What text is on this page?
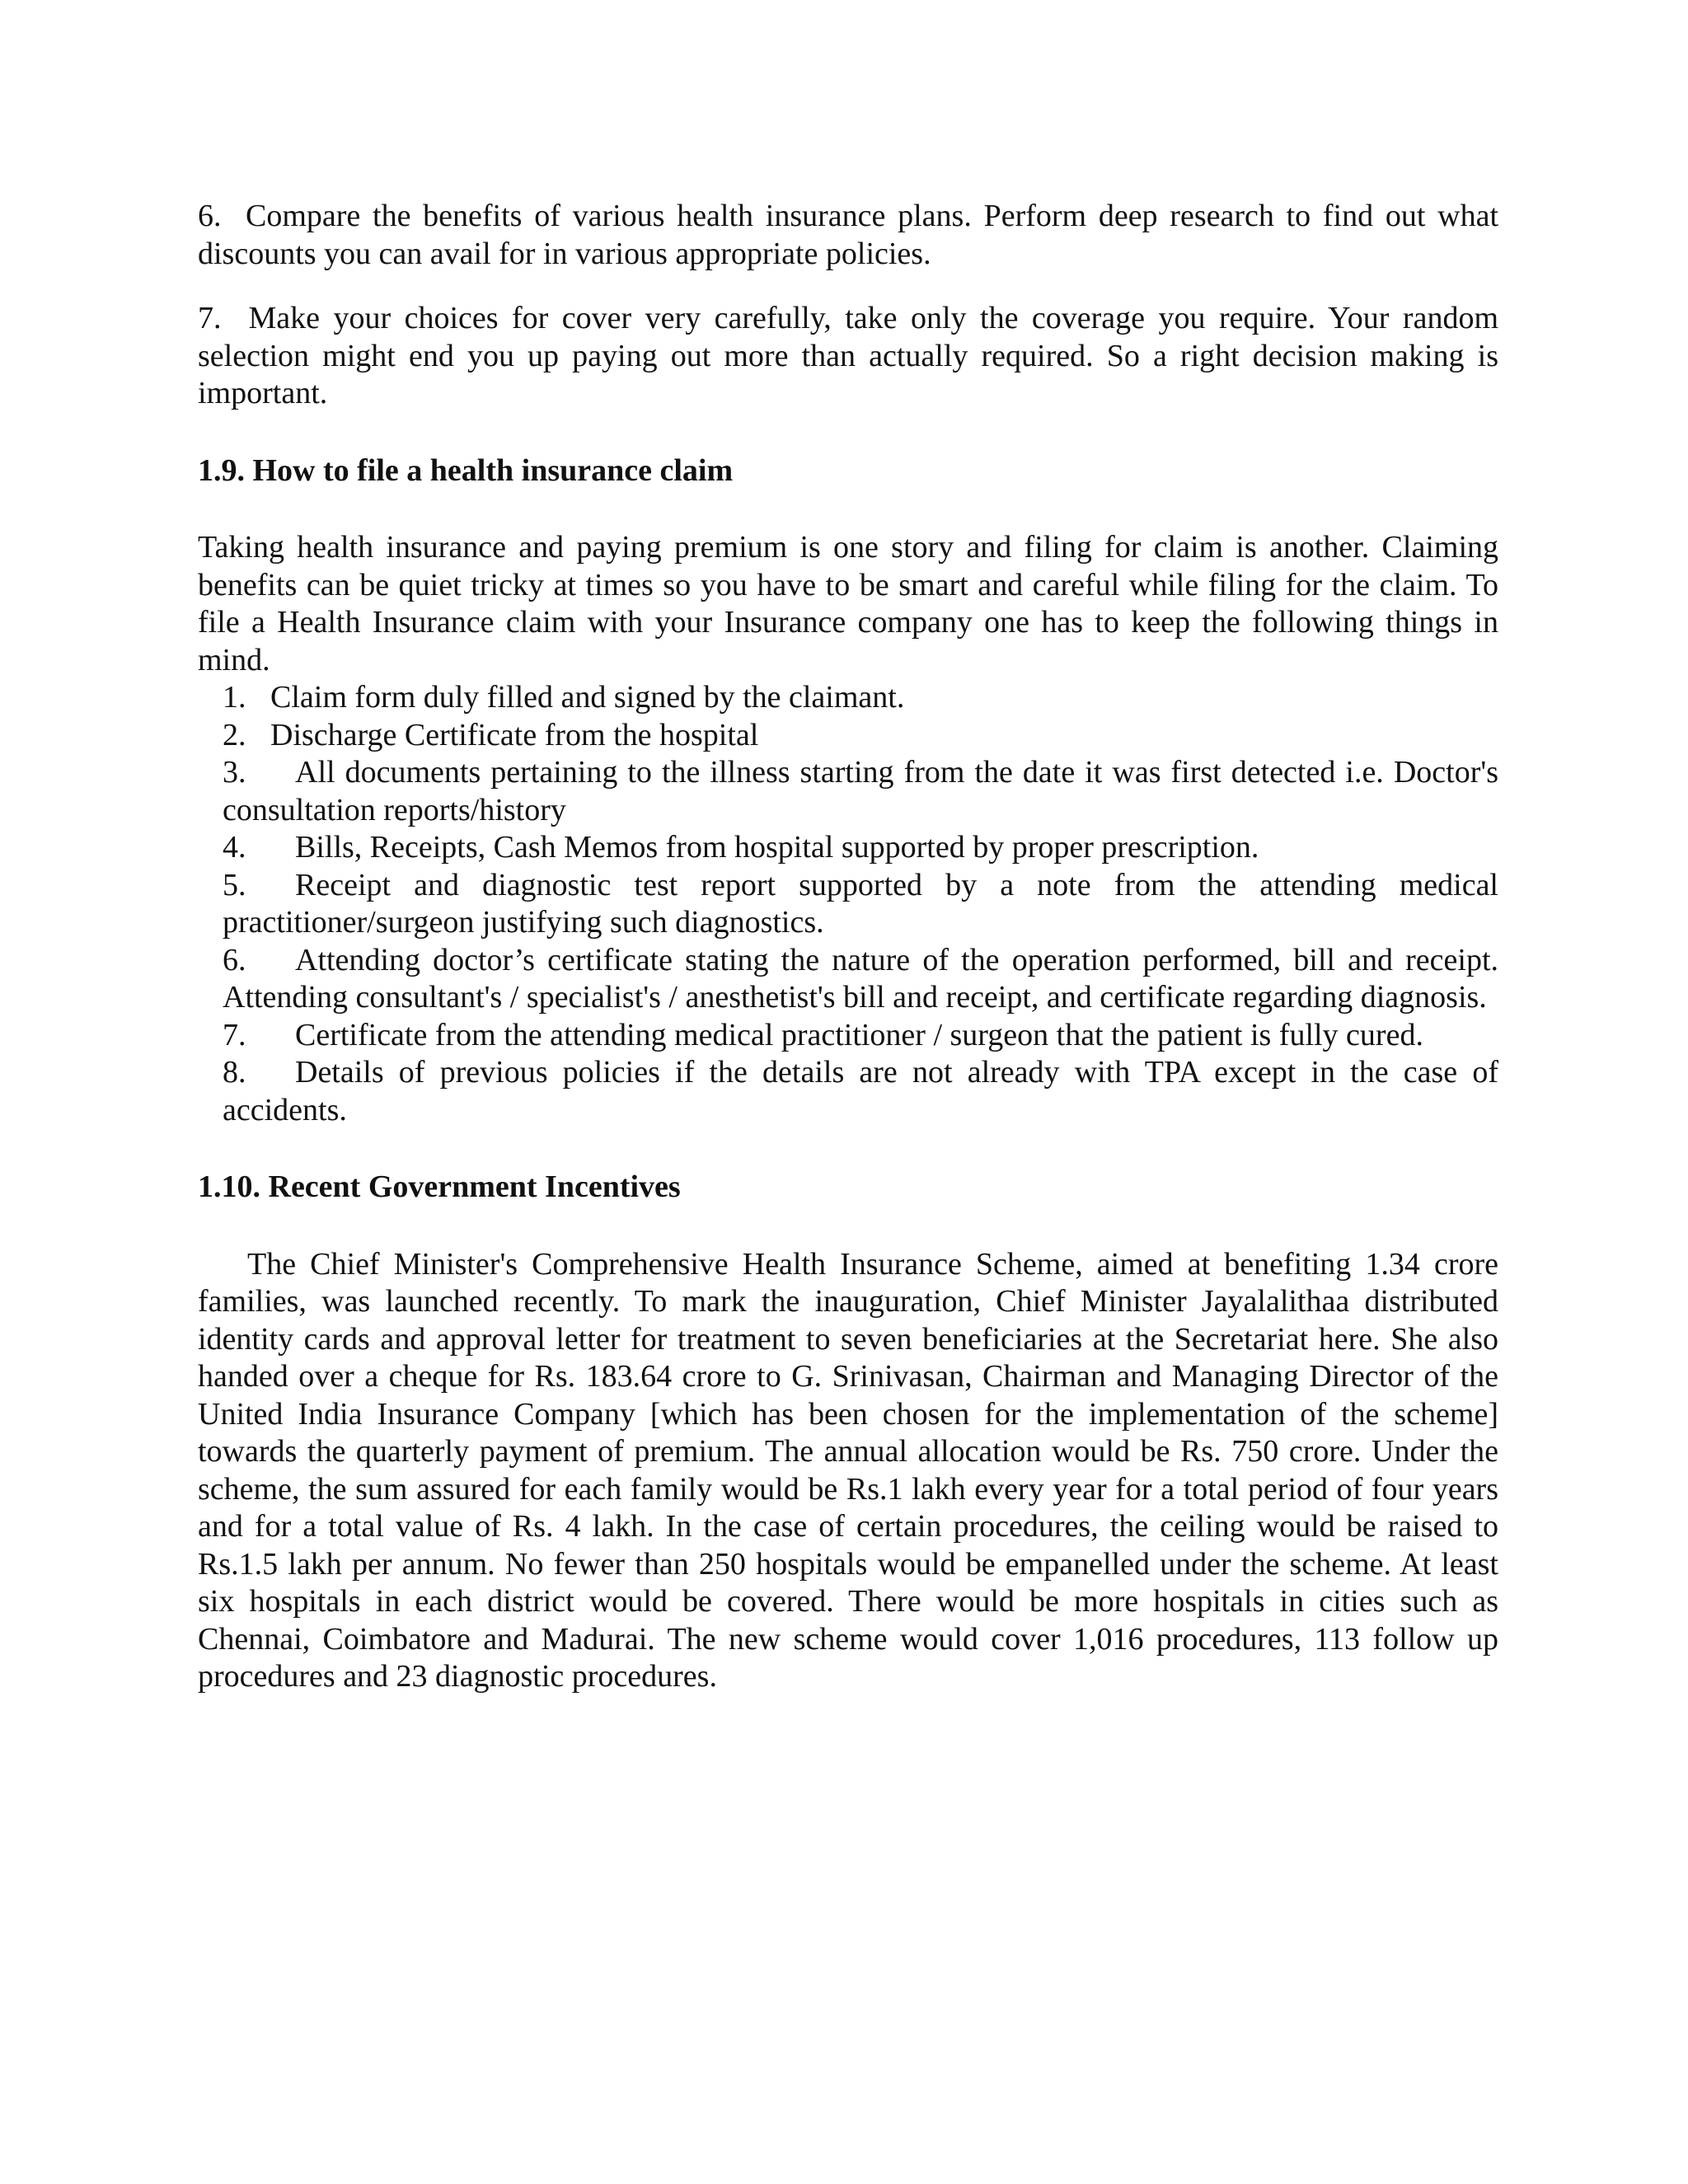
6. Compare the benefits of various health insurance plans. Perform deep research to find out what discounts you can avail for in various appropriate policies.

7. Make your choices for cover very carefully, take only the coverage you require. Your random selection might end you up paying out more than actually required. So a right decision making is important.

1.9. How to file a health insurance claim

Taking health insurance and paying premium is one story and filing for claim is another. Claiming benefits can be quiet tricky at times so you have to be smart and careful while filing for the claim. To file a Health Insurance claim with your Insurance company one has to keep the following things in mind.

1. Claim form duly filled and signed by the claimant.
2. Discharge Certificate from the hospital

3. All documents pertaining to the illness starting from the date it was first detected i.e. Doctor's consultation reports/history

4. Bills, Receipts, Cash Memos from hospital supported by proper prescription.

5. Receipt and diagnostic test report supported by a note from the attending medical practitioner/surgeon justifying such diagnostics.

6. Attending doctor’s certificate stating the nature of the operation performed, bill and receipt. Attending consultant's / specialist's / anesthetist's bill and receipt, and certificate regarding diagnosis.

7. Certificate from the attending medical practitioner / surgeon that the patient is fully cured.

8. Details of previous policies if the details are not already with TPA except in the case of accidents.

1.10. Recent Government Incentives

The Chief Minister's Comprehensive Health Insurance Scheme, aimed at benefiting 1.34 crore families, was launched recently. To mark the inauguration, Chief Minister Jayalalithaa distributed identity cards and approval letter for treatment to seven beneficiaries at the Secretariat here. She also handed over a cheque for Rs. 183.64 crore to G. Srinivasan, Chairman and Managing Director of the United India Insurance Company [which has been chosen for the implementation of the scheme] towards the quarterly payment of premium. The annual allocation would be Rs. 750 crore. Under the scheme, the sum assured for each family would be Rs.1 lakh every year for a total period of four years and for a total value of Rs. 4 lakh. In the case of certain procedures, the ceiling would be raised to Rs.1.5 lakh per annum. No fewer than 250 hospitals would be empanelled under the scheme. At least six hospitals in each district would be covered. There would be more hospitals in cities such as Chennai, Coimbatore and Madurai. The new scheme would cover 1,016 procedures, 113 follow up procedures and 23 diagnostic procedures.
